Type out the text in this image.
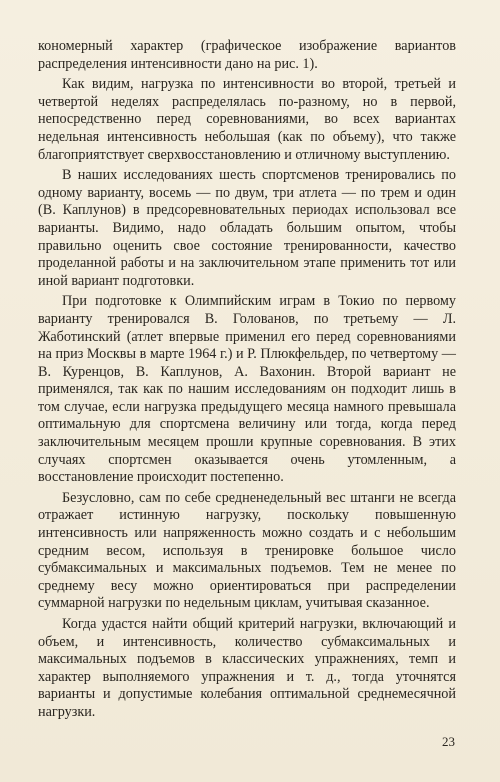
кономерный характер (графическое изображение вариантов распределения интенсивности дано на рис. 1).

Как видим, нагрузка по интенсивности во второй, третьей и четвертой неделях распределялась по-разному, но в первой, непосредственно перед соревнованиями, во всех вариантах недельная интенсивность небольшая (как по объему), что также благоприятствует сверхвосстановлению и отличному выступлению.

В наших исследованиях шесть спортсменов тренировались по одному варианту, восемь — по двум, три атлета — по трем и один (В. Каплунов) в предсоревновательных периодах использовал все варианты. Видимо, надо обладать большим опытом, чтобы правильно оценить свое состояние тренированности, качество проделанной работы и на заключительном этапе применить тот или иной вариант подготовки.

При подготовке к Олимпийским играм в Токио по первому варианту тренировался В. Голованов, по третьему — Л. Жаботинский (атлет впервые применил его перед соревнованиями на приз Москвы в марте 1964 г.) и Р. Плюкфельдер, по четвертому — В. Куренцов, В. Каплунов, А. Вахонин. Второй вариант не применялся, так как по нашим исследованиям он подходит лишь в том случае, если нагрузка предыдущего месяца намного превышала оптимальную для спортсмена величину или тогда, когда перед заключительным месяцем прошли крупные соревнования. В этих случаях спортсмен оказывается очень утомленным, а восстановление происходит постепенно.

Безусловно, сам по себе средненедельный вес штанги не всегда отражает истинную нагрузку, поскольку повышенную интенсивность или напряженность можно создать и с небольшим средним весом, используя в тренировке большое число субмаксимальных и максимальных подъемов. Тем не менее по среднему весу можно ориентироваться при распределении суммарной нагрузки по недельным циклам, учитывая сказанное.

Когда удастся найти общий критерий нагрузки, включающий и объем, и интенсивность, количество субмаксимальных и максимальных подъемов в классических упражнениях, темп и характер выполняемого упражнения и т. д., тогда уточнятся варианты и допустимые колебания оптимальной среднемесячной нагрузки.

23
